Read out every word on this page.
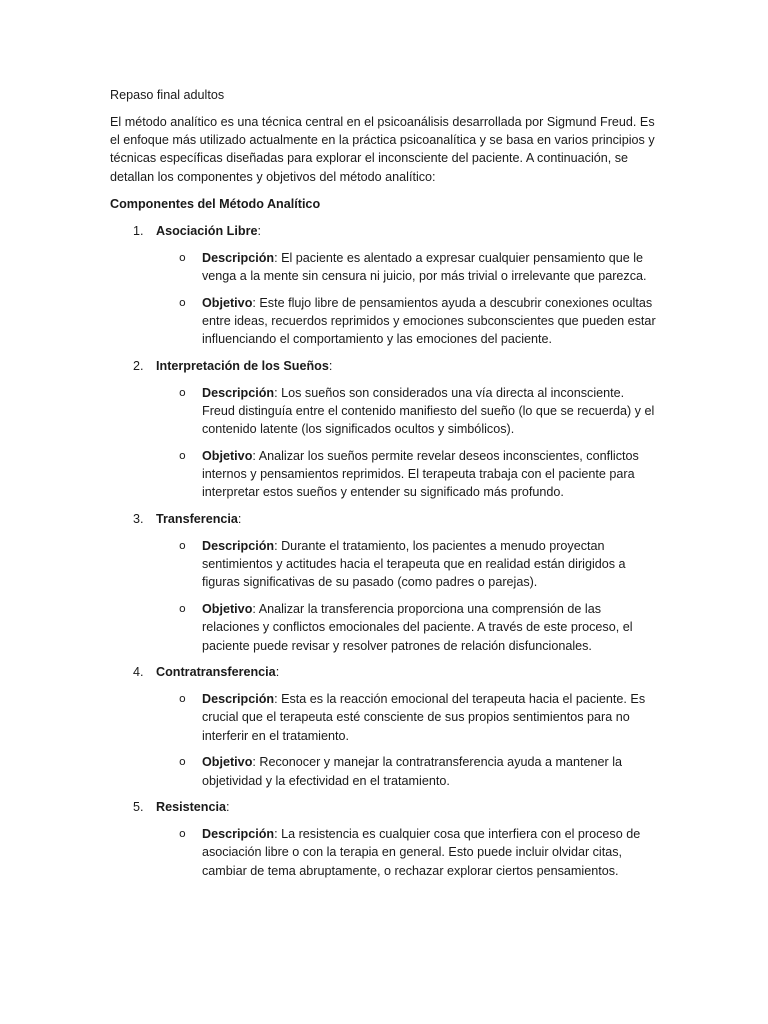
Repaso final adultos

El método analítico es una técnica central en el psicoanálisis desarrollada por Sigmund Freud. Es el enfoque más utilizado actualmente en la práctica psicoanalítica y se basa en varios principios y técnicas específicas diseñadas para explorar el inconsciente del paciente. A continuación, se detallan los componentes y objetivos del método analítico:

Componentes del Método Analítico

1. Asociación Libre:
o	Descripción: El paciente es alentado a expresar cualquier pensamiento que le venga a la mente sin censura ni juicio, por más trivial o irrelevante que parezca.
o	Objetivo: Este flujo libre de pensamientos ayuda a descubrir conexiones ocultas entre ideas, recuerdos reprimidos y emociones subconscientes que pueden estar influenciando el comportamiento y las emociones del paciente.
2. Interpretación de los Sueños:
o	Descripción: Los sueños son considerados una vía directa al inconsciente. Freud distinguía entre el contenido manifiesto del sueño (lo que se recuerda) y el contenido latente (los significados ocultos y simbólicos).
o	Objetivo: Analizar los sueños permite revelar deseos inconscientes, conflictos internos y pensamientos reprimidos. El terapeuta trabaja con el paciente para interpretar estos sueños y entender su significado más profundo.
3. Transferencia:
o	Descripción: Durante el tratamiento, los pacientes a menudo proyectan sentimientos y actitudes hacia el terapeuta que en realidad están dirigidos a figuras significativas de su pasado (como padres o parejas).
o	Objetivo: Analizar la transferencia proporciona una comprensión de las relaciones y conflictos emocionales del paciente. A través de este proceso, el paciente puede revisar y resolver patrones de relación disfuncionales.
4. Contratransferencia:
o	Descripción: Esta es la reacción emocional del terapeuta hacia el paciente. Es crucial que el terapeuta esté consciente de sus propios sentimientos para no interferir en el tratamiento.
o	Objetivo: Reconocer y manejar la contratransferencia ayuda a mantener la objetividad y la efectividad en el tratamiento.
5. Resistencia:
o	Descripción: La resistencia es cualquier cosa que interfiera con el proceso de asociación libre o con la terapia en general. Esto puede incluir olvidar citas, cambiar de tema abruptamente, o rechazar explorar ciertos pensamientos.
